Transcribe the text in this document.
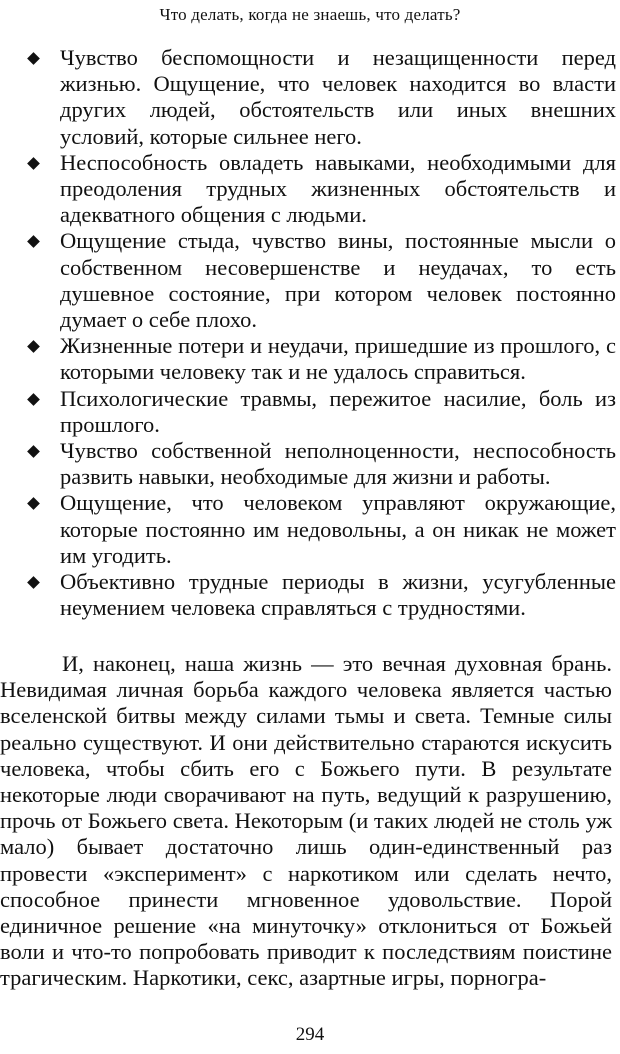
Что делать, когда не знаешь, что делать?
Чувство беспомощности и незащищенности перед жизнью. Ощущение, что человек находится во власти других людей, обстоятельств или иных внешних условий, которые сильнее него.
Неспособность овладеть навыками, необходимыми для преодоления трудных жизненных обстоятельств и адекватного общения с людьми.
Ощущение стыда, чувство вины, постоянные мысли о собственном несовершенстве и неудачах, то есть душевное состояние, при котором человек постоянно думает о себе плохо.
Жизненные потери и неудачи, пришедшие из прошлого, с которыми человеку так и не удалось справиться.
Психологические травмы, пережитое насилие, боль из прошлого.
Чувство собственной неполноценности, неспособность развить навыки, необходимые для жизни и работы.
Ощущение, что человеком управляют окружающие, которые постоянно им недовольны, а он никак не может им угодить.
Объективно трудные периоды в жизни, усугубленные неумением человека справляться с трудностями.

И, наконец, наша жизнь — это вечная духовная брань. Невидимая личная борьба каждого человека является частью вселенской битвы между силами тьмы и света. Темные силы реально существуют. И они действительно стараются искусить человека, чтобы сбить его с Божьего пути. В результате некоторые люди сворачивают на путь, ведущий к разрушению, прочь от Божьего света. Некоторым (и таких людей не столь уж мало) бывает достаточно лишь один-единственный раз провести «эксперимент» с наркотиком или сделать нечто, способное принести мгновенное удовольствие. Порой единичное решение «на минуточку» отклониться от Божьей воли и что-то попробовать приводит к последствиям поистине трагическим. Наркотики, секс, азартные игры, порногра-

294
